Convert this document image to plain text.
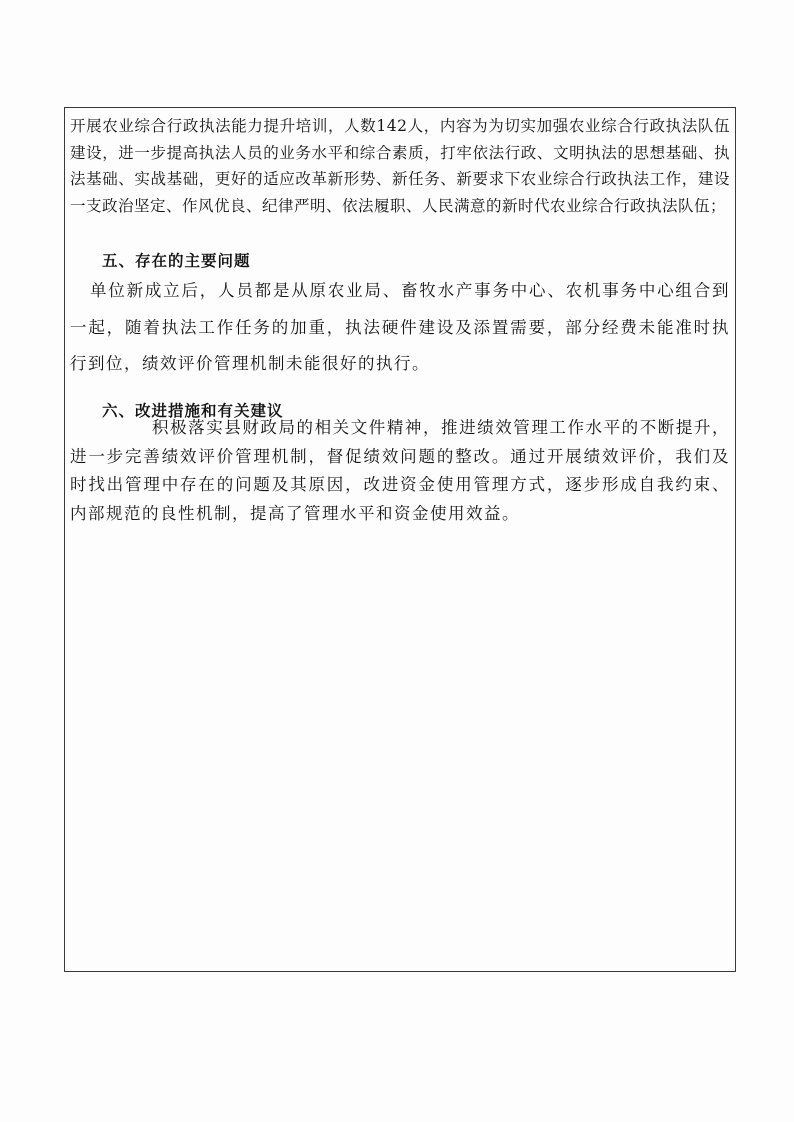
开展农业综合行政执法能力提升培训，人数142人，内容为为切实加强农业综合行政执法队伍建设，进一步提高执法人员的业务水平和综合素质，打牢依法行政、文明执法的思想基础、执法基础、实战基础，更好的适应改革新形势、新任务、新要求下农业综合行政执法工作，建设一支政治坚定、作风优良、纪律严明、依法履职、人民满意的新时代农业综合行政执法队伍；

五、存在的主要问题

单位新成立后，人员都是从原农业局、畜牧水产事务中心、农机事务中心组合到一起，随着执法工作任务的加重，执法硬件建设及添置需要，部分经费未能准时执行到位，绩效评价管理机制未能很好的执行。

六、改进措施和有关建议

积极落实县财政局的相关文件精神，推进绩效管理工作水平的不断提升，进一步完善绩效评价管理机制，督促绩效问题的整改。通过开展绩效评价，我们及时找出管理中存在的问题及其原因，改进资金使用管理方式，逐步形成自我约束、内部规范的良性机制，提高了管理水平和资金使用效益。
